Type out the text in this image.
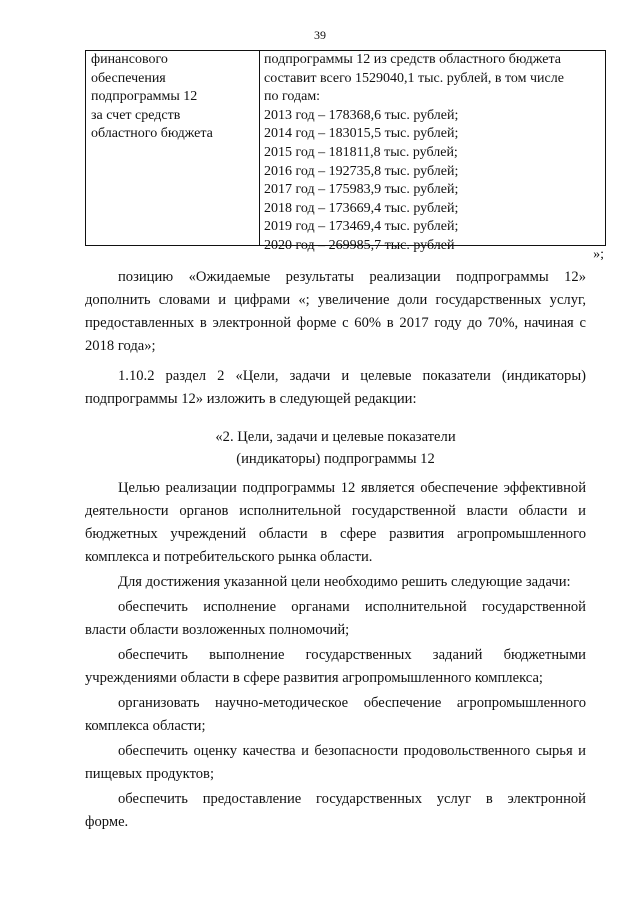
39
финансового
обеспечения
подпрограммы 12
за счет средств
областного бюджета
подпрограммы 12 из средств областного бюджета
составит всего 1529040,1 тыс. рублей, в том числе
по годам:
2013 год – 178368,6 тыс. рублей;
2014 год – 183015,5 тыс. рублей;
2015 год – 181811,8 тыс. рублей;
2016 год – 192735,8 тыс. рублей;
2017 год – 175983,9 тыс. рублей;
2018 год – 173669,4 тыс. рублей;
2019 год – 173469,4 тыс. рублей;
2020 год – 269985,7 тыс. рублей
»;
позицию «Ожидаемые результаты реализации подпрограммы 12»
дополнить словами и цифрами «; увеличение доли государственных услуг,
предоставленных в электронной форме с 60% в 2017 году до 70%, начиная с
2018 года»;
1.10.2 раздел 2 «Цели, задачи и целевые показатели (индикаторы)
подпрограммы 12» изложить в следующей редакции:
«2. Цели, задачи и целевые показатели
(индикаторы) подпрограммы 12
Целью реализации подпрограммы 12 является обеспечение эффективной
деятельности органов исполнительной государственной власти области и
бюджетных учреждений области в сфере развития агропромышленного
комплекса и потребительского рынка области.
Для достижения указанной цели необходимо решить следующие задачи:
обеспечить исполнение органами исполнительной государственной
власти области возложенных полномочий;
обеспечить выполнение государственных заданий бюджетными
учреждениями области в сфере развития агропромышленного комплекса;
организовать научно-методическое обеспечение агропромышленного
комплекса области;
обеспечить оценку качества и безопасности продовольственного сырья и
пищевых продуктов;
обеспечить предоставление государственных услуг в электронной
форме.
